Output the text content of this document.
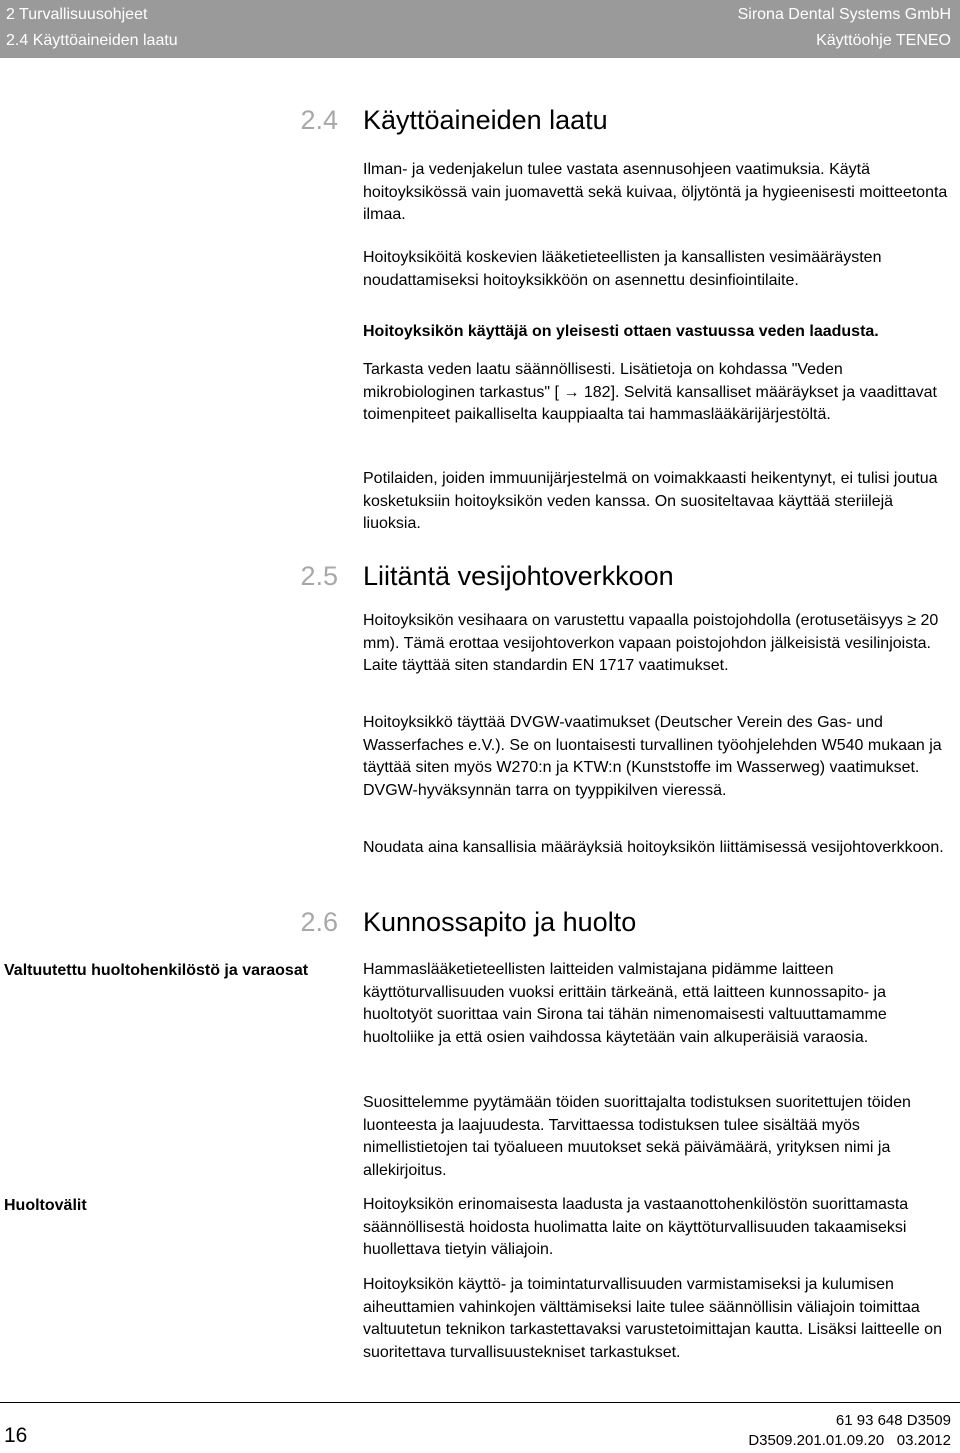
2 Turvallisuusohjeet
2.4 Käyttöaineiden laatu
Sirona Dental Systems GmbH
Käyttöohje TENEO
2.4 Käyttöaineiden laatu
Ilman- ja vedenjakelun tulee vastata asennusohjeen vaatimuksia. Käytä hoitoyksikössä vain juomavettä sekä kuivaa, öljytöntä ja hygieenisesti moitteetonta ilmaa.
Hoitoyksiköitä koskevien lääketieteellisten ja kansallisten vesimääräysten noudattamiseksi hoitoyksikköön on asennettu desinfiointilaite.
Hoitoyksikön käyttäjä on yleisesti ottaen vastuussa veden laadusta.
Tarkasta veden laatu säännöllisesti. Lisätietoja on kohdassa "Veden mikrobiologinen tarkastus" [ → 182]. Selvitä kansalliset määräykset ja vaadittavat toimenpiteet paikalliselta kauppiaalta tai hammaslääkärijärjestöltä.
Potilaiden, joiden immuunijärjestelmä on voimakkaasti heikentynyt, ei tulisi joutua kosketuksiin hoitoyksikön veden kanssa. On suositeltavaa käyttää steriilejä liuoksia.
2.5 Liitäntä vesijohtoverkkoon
Hoitoyksikön vesihaara on varustettu vapaalla poistojohdolla (erotusetäisyys ≥ 20 mm). Tämä erottaa vesijohtoverkon vapaan poistojohdon jälkeisistä vesilinjoista. Laite täyttää siten standardin EN 1717 vaatimukset.
Hoitoyksikkö täyttää DVGW-vaatimukset (Deutscher Verein des Gas- und Wasserfaches e.V.). Se on luontaisesti turvallinen työohjelehden W540 mukaan ja täyttää siten myös W270:n ja KTW:n (Kunststoffe im Wasserweg) vaatimukset. DVGW-hyväksynnän tarra on tyyppikilven vieressä.
Noudata aina kansallisia määräyksiä hoitoyksikön liittämisessä vesijohtoverkkoon.
2.6 Kunnossapito ja huolto
Valtuutettu huoltohenkilöstö ja varaosat	Hammaslääketieteellisten laitteiden valmistajana pidämme laitteen käyttöturvallisuuden vuoksi erittäin tärkeänä, että laitteen kunnossapito- ja huoltotyöt suorittaa vain Sirona tai tähän nimenomaisesti valtuuttamamme huoltoliike ja että osien vaihdossa käytetään vain alkuperäisiä varaosia.
Suosittelemme pyytämään töiden suorittajalta todistuksen suoritettujen töiden luonteesta ja laajuudesta. Tarvittaessa todistuksen tulee sisältää myös nimellistietojen tai työalueen muutokset sekä päivämäärä, yrityksen nimi ja allekirjoitus.
Huoltovälit	Hoitoyksikön erinomaisesta laadusta ja vastaanottohenkilöstön suorittamasta säännöllisestä hoidosta huolimatta laite on käyttöturvallisuuden takaamiseksi huollettava tietyin väliajoin.
Hoitoyksikön käyttö- ja toimintaturvallisuuden varmistamiseksi ja kulumisen aiheuttamien vahinkojen välttämiseksi laite tulee säännöllisin väliajoin toimittaa valtuutetun teknikon tarkastettavaksi varustetoimittajan kautta. Lisäksi laitteelle on suoritettava turvallisuustekniset tarkastukset.
16
61 93 648 D3509
D3509.201.01.09.20   03.2012
